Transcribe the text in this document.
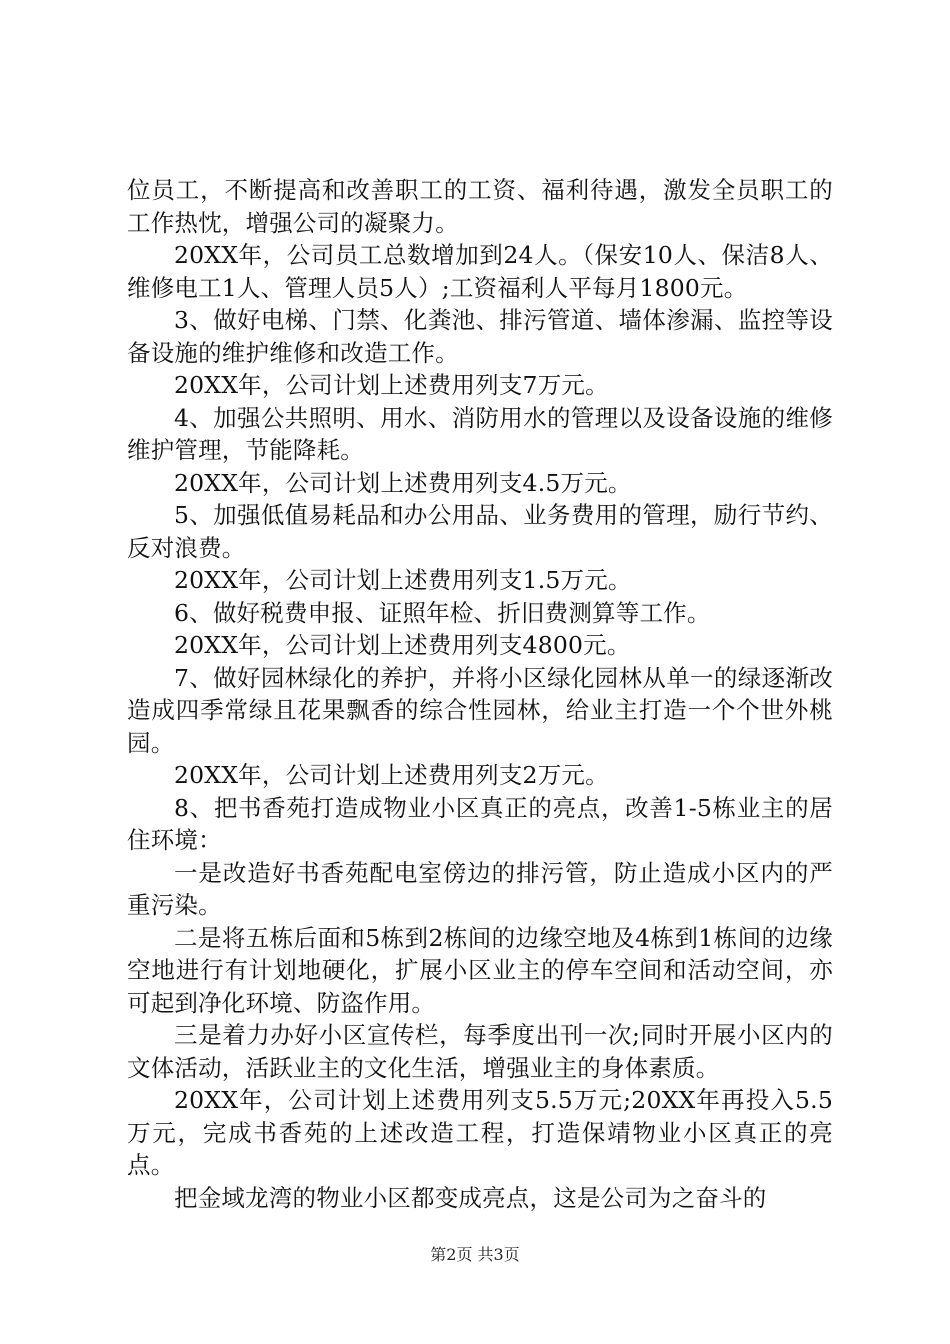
位员工，不断提高和改善职工的工资、福利待遇，激发全员职工的工作热忱，增强公司的凝聚力。

20XX年，公司员工总数增加到24人。（保安10人、保洁8人、维修电工1人、管理人员5人）;工资福利人平每月1800元。

3、做好电梯、门禁、化粪池、排污管道、墙体渗漏、监控等设备设施的维护维修和改造工作。

20XX年，公司计划上述费用列支7万元。

4、加强公共照明、用水、消防用水的管理以及设备设施的维修维护管理，节能降耗。

20XX年，公司计划上述费用列支4.5万元。

5、加强低值易耗品和办公用品、业务费用的管理，励行节约、反对浪费。

20XX年，公司计划上述费用列支1.5万元。

6、做好税费申报、证照年检、折旧费测算等工作。

20XX年，公司计划上述费用列支4800元。

7、做好园林绿化的养护，并将小区绿化园林从单一的绿逐渐改造成四季常绿且花果飘香的综合性园林，给业主打造一个个世外桃园。

20XX年，公司计划上述费用列支2万元。

8、把书香苑打造成物业小区真正的亮点，改善1-5栋业主的居住环境：

一是改造好书香苑配电室傍边的排污管，防止造成小区内的严重污染。

二是将五栋后面和5栋到2栋间的边缘空地及4栋到1栋间的边缘空地进行有计划地硬化，扩展小区业主的停车空间和活动空间，亦可起到净化环境、防盗作用。

三是着力办好小区宣传栏，每季度出刊一次;同时开展小区内的文体活动，活跃业主的文化生活，增强业主的身体素质。

20XX年，公司计划上述费用列支5.5万元;20XX年再投入5.5万元，完成书香苑的上述改造工程，打造保靖物业小区真正的亮点。

把金域龙湾的物业小区都变成亮点，这是公司为之奋斗的

第2页 共3页
